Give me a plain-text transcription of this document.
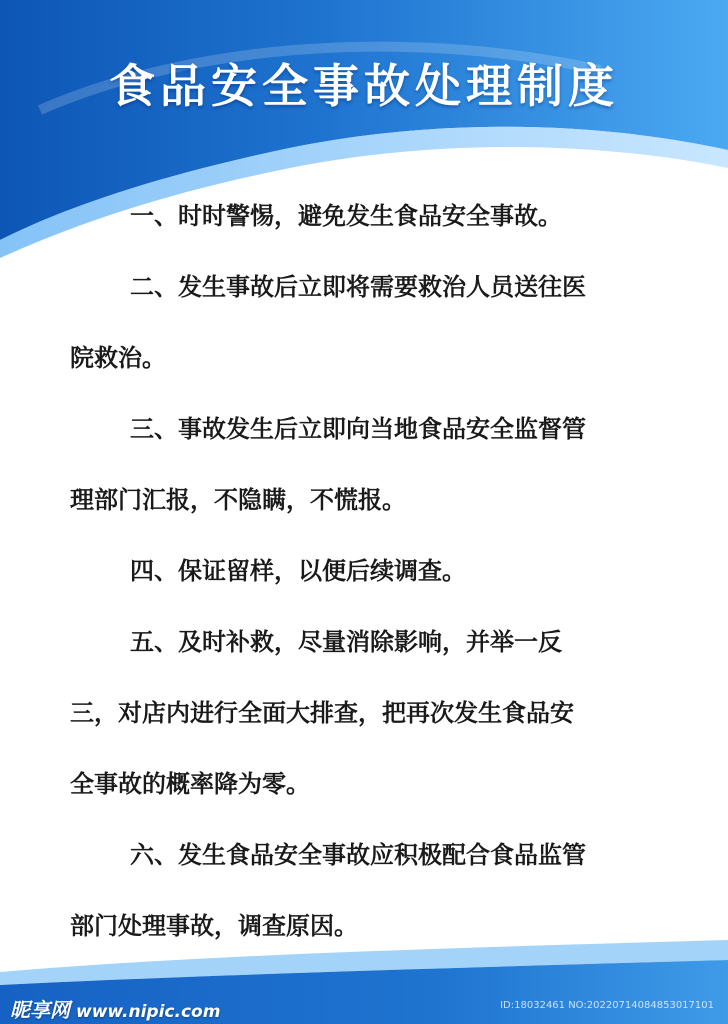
食品安全事故处理制度
一、时时警惕，避免发生食品安全事故。
二、发生事故后立即将需要救治人员送往医
院救治。
三、事故发生后立即向当地食品安全监督管
理部门汇报，不隐瞒，不慌报。
四、保证留样，以便后续调查。
五、及时补救，尽量消除影响，并举一反
三，对店内进行全面大排查，把再次发生食品安
全事故的概率降为零。
六、发生食品安全事故应积极配合食品监管
部门处理事故，调查原因。
昵享网 www.nipic.com	ID:18032461 NO:20220714084853017101
